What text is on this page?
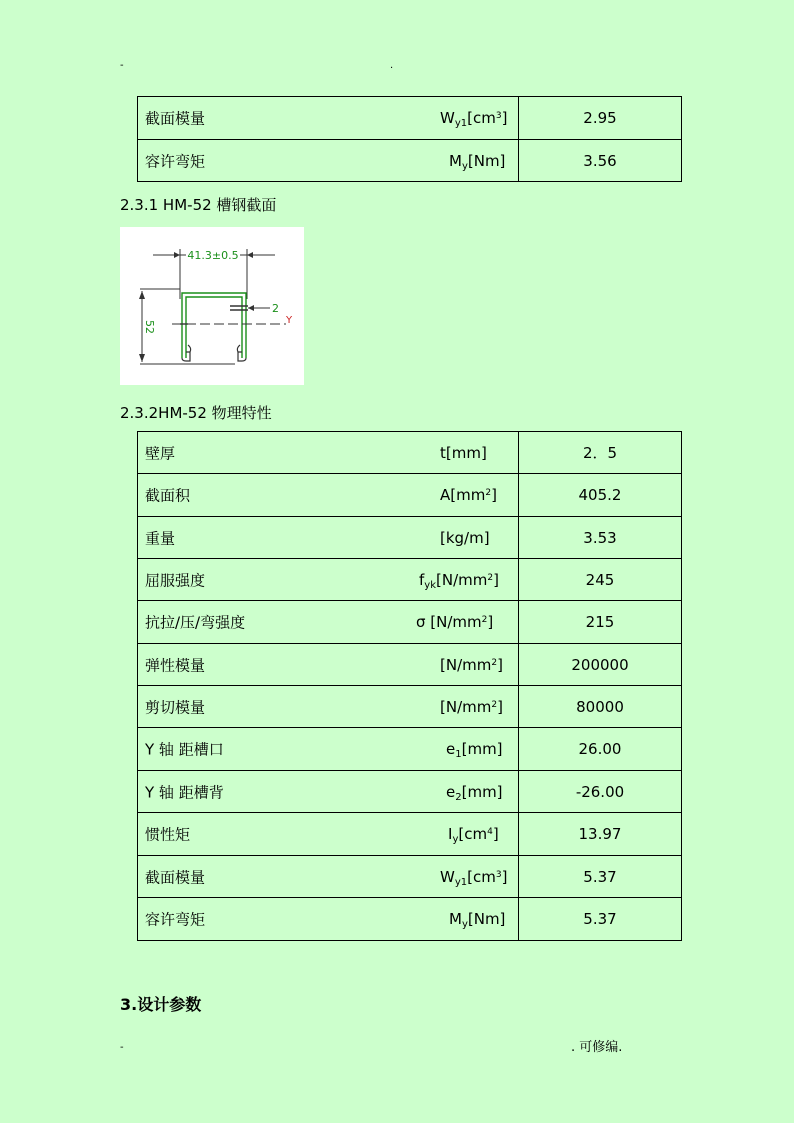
-	.
截面模量 $W_{y1}[cm^3]$	2.95

容许弯矩 $M_y[Nm]$	3.56
2.3.1 HM-52 槽钢截面
41.3±0.5
52
2
Y
2.3.2HM-52 物理特性
壁厚 t[mm]	2．5

截面积 $A[mm^2]$	405.2

重量 [kg/m]	3.53

屈服强度 $f_{yk}[N/mm^2]$	245

抗拉/压/弯强度 σ $[N/mm^2]$	215

弹性模量 $[N/mm^2]$	200000

剪切模量 $[N/mm^2]$	80000

Y 轴 距槽口 $e_1[mm]$	26.00

Y 轴 距槽背 $e_2[mm]$	-26.00

惯性矩 $I_y[cm^4]$	13.97

截面模量 $W_{y1}[cm^3]$	5.37

容许弯矩 $M_y[Nm]$	5.37
3.设计参数
-	. 可修编.
